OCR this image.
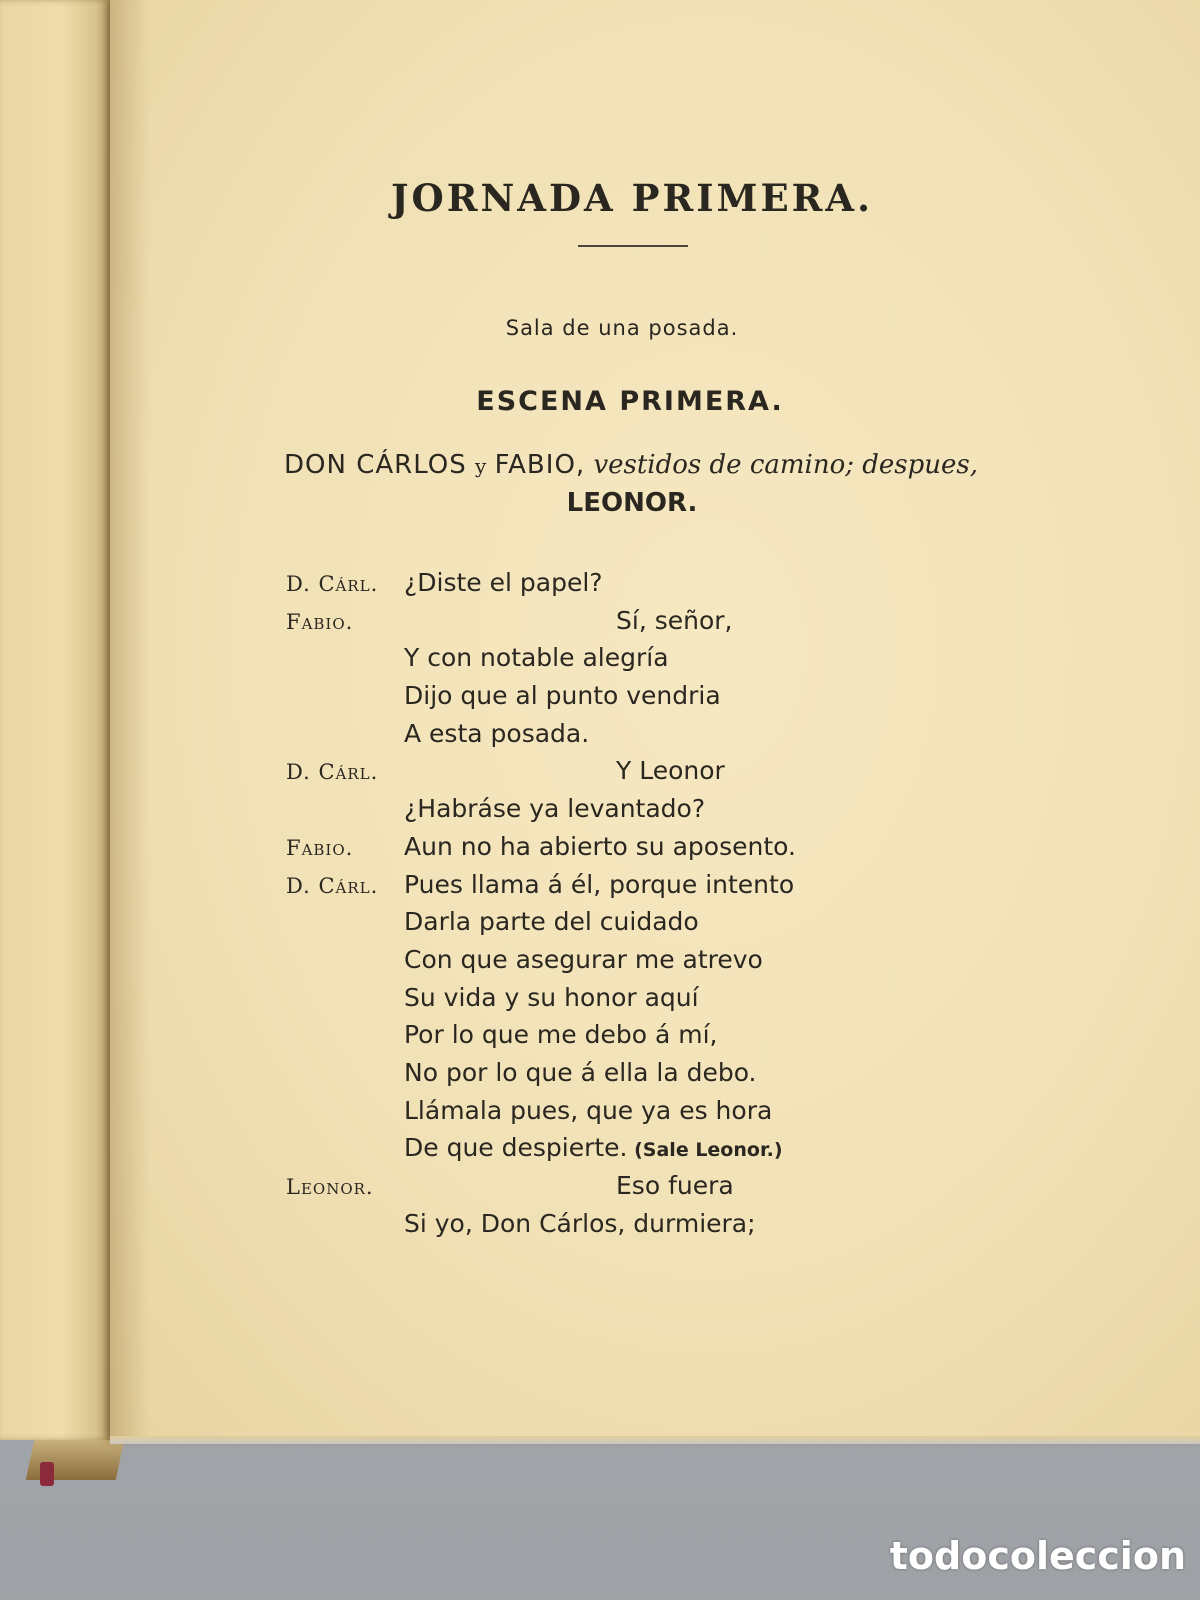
JORNADA PRIMERA.
Sala de una posada.
ESCENA PRIMERA.
DON CÁRLOS y FABIO, vestidos de camino; despues,
LEONOR.
D. Cárl. ¿Diste el papel?
Fabio.	Sí, señor,
Y con notable alegría
Dijo que al punto vendria
A esta posada.
D. Cárl.	Y Leonor
¿Habráse ya levantado?
Fabio. Aun no ha abierto su aposento.
D. Cárl. Pues llama á él, porque intento
Darla parte del cuidado
Con que asegurar me atrevo
Su vida y su honor aquí
Por lo que me debo á mí,
No por lo que á ella la debo.
Llámala pues, que ya es hora
De que despierte. (Sale Leonor.)
Leonor.	Eso fuera
Si yo, Don Cárlos, durmiera;
todocoleccion
